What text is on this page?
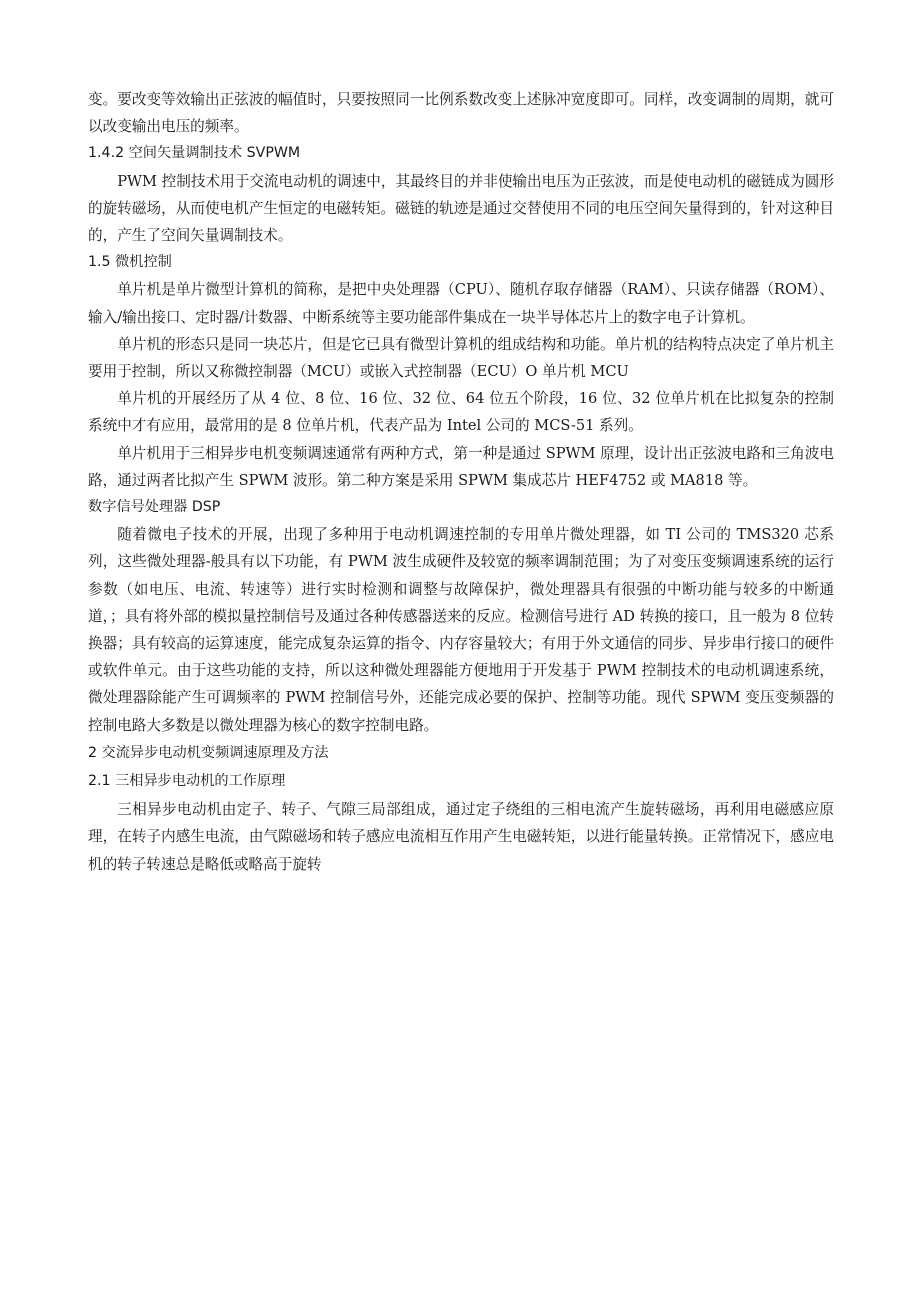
变。要改变等效输出正弦波的幅值时，只要按照同一比例系数改变上述脉冲宽度即可。同样，改变调制的周期，就可以改变输出电压的频率。
1.4.2 空间矢量调制技术 SVPWM
PWM 控制技术用于交流电动机的调速中，其最终目的并非使输出电压为正弦波，而是使电动机的磁链成为圆形的旋转磁场，从而使电机产生恒定的电磁转矩。磁链的轨迹是通过交替使用不同的电压空间矢量得到的，针对这种目的，产生了空间矢量调制技术。
1.5 微机控制
单片机是单片微型计算机的简称，是把中央处理器（CPU）、随机存取存储器（RAM）、只读存储器（ROM）、输入/输出接口、定时器/计数器、中断系统等主要功能部件集成在一块半导体芯片上的数字电子计算机。
单片机的形态只是同一块芯片，但是它已具有微型计算机的组成结构和功能。单片机的结构特点决定了单片机主要用于控制，所以又称微控制器（MCU）或嵌入式控制器（ECU）O 单片机 MCU
单片机的开展经历了从 4 位、8 位、16 位、32 位、64 位五个阶段，16 位、32 位单片机在比拟复杂的控制系统中才有应用，最常用的是 8 位单片机，代表产品为 Intel 公司的 MCS-51 系列。
单片机用于三相异步电机变频调速通常有两种方式，第一种是通过 SPWM 原理，设计出正弦波电路和三角波电路，通过两者比拟产生 SPWM 波形。第二种方案是采用 SPWM 集成芯片 HEF4752 或 MA818 等。
数字信号处理器 DSP
随着微电子技术的开展，出现了多种用于电动机调速控制的专用单片微处理器，如 TI 公司的 TMS320 芯系列，这些微处理器-般具有以下功能，有 PWM 波生成硬件及较宽的频率调制范围；为了对变压变频调速系统的运行参数（如电压、电流、转速等）进行实时检测和调整与故障保护，微处理器具有很强的中断功能与较多的中断通道，；具有将外部的模拟量控制信号及通过各种传感器送来的反应。检测信号进行 AD 转换的接口，且一般为 8 位转换器；具有较高的运算速度，能完成复杂运算的指令、内存容量较大；有用于外文通信的同步、异步串行接口的硬件或软件单元。由于这些功能的支持，所以这种微处理器能方便地用于开发基于 PWM 控制技术的电动机调速系统，微处理器除能产生可调频率的 PWM 控制信号外，还能完成必要的保护、控制等功能。现代 SPWM 变压变频器的控制电路大多数是以微处理器为核心的数字控制电路。
2 交流异步电动机变频调速原理及方法
2.1 三相异步电动机的工作原理
三相异步电动机由定子、转子、气隙三局部组成，通过定子绕组的三相电流产生旋转磁场，再利用电磁感应原理，在转子内感生电流，由气隙磁场和转子感应电流相互作用产生电磁转矩，以进行能量转换。正常情况下，感应电机的转子转速总是略低或略高于旋转
